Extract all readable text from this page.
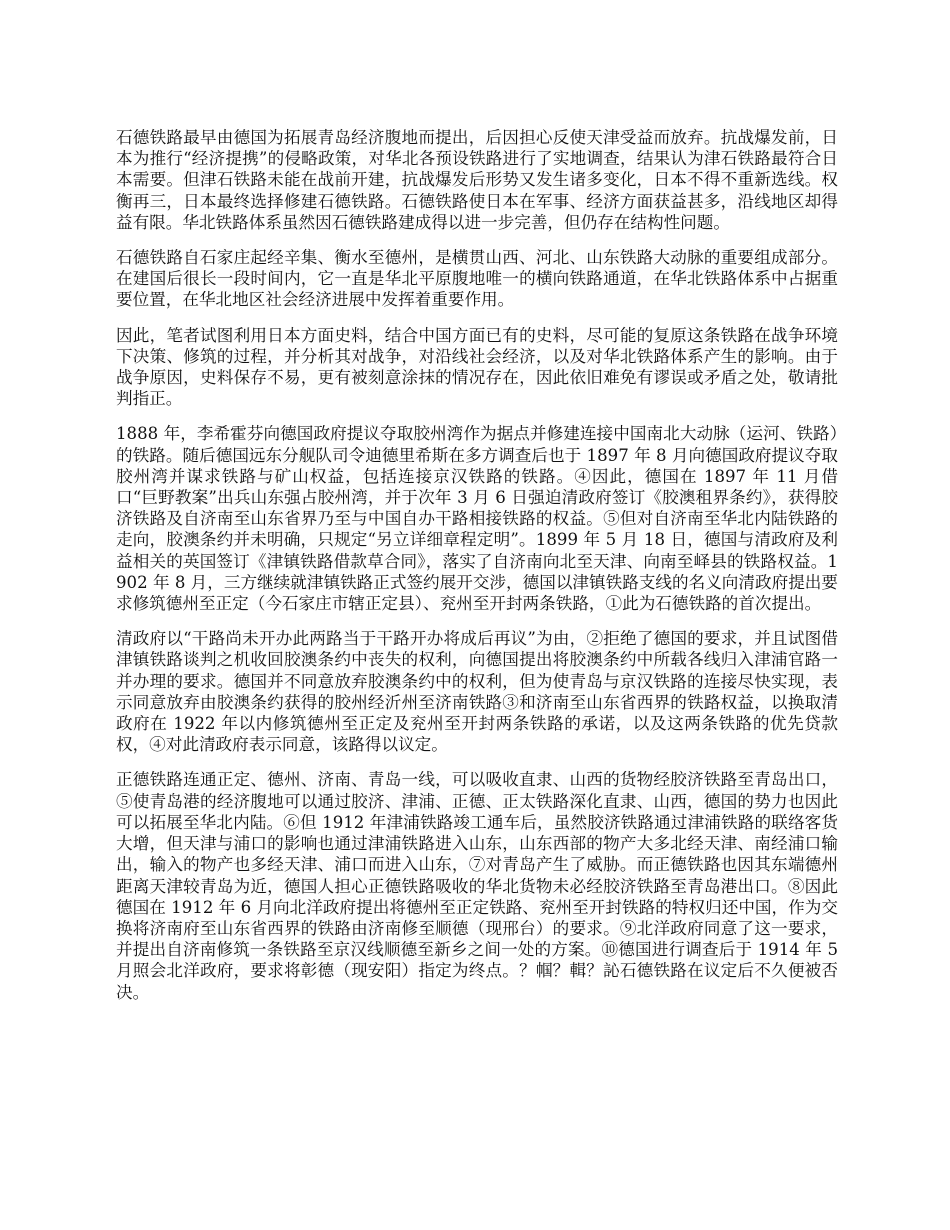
石德铁路最早由德国为拓展青岛经济腹地而提出，后因担心反使天津受益而放弃。抗战爆发前，日本为推行“经济提携”的侵略政策，对华北各预设铁路进行了实地调查，结果认为津石铁路最符合日本需要。但津石铁路未能在战前开建，抗战爆发后形势又发生诸多变化，日本不得不重新选线。权衡再三，日本最终选择修建石德铁路。石德铁路使日本在军事、经济方面获益甚多，沿线地区却得益有限。华北铁路体系虽然因石德铁路建成得以进一步完善，但仍存在结构性问题。

石德铁路自石家庄起经辛集、衡水至德州，是横贯山西、河北、山东铁路大动脉的重要组成部分。在建国后很长一段时间内，它一直是华北平原腹地唯一的横向铁路通道，在华北铁路体系中占据重要位置，在华北地区社会经济进展中发挥着重要作用。

因此，笔者试图利用日本方面史料，结合中国方面已有的史料，尽可能的复原这条铁路在战争环境下决策、修筑的过程，并分析其对战争，对沿线社会经济，以及对华北铁路体系产生的影响。由于战争原因，史料保存不易，更有被刻意涂抹的情况存在，因此依旧难免有谬误或矛盾之处，敬请批判指正。

1888 年，李希霍芬向德国政府提议夺取胶州湾作为据点并修建连接中国南北大动脉（运河、铁路）的铁路。随后德国远东分舰队司令迪德里希斯在多方调查后也于 1897 年 8 月向德国政府提议夺取胶州湾并谋求铁路与矿山权益，包括连接京汉铁路的铁路。④因此，德国在 1897 年 11 月借口“巨野教案”出兵山东强占胶州湾，并于次年 3 月 6 日强迫清政府签订《胶澳租界条约》，获得胶济铁路及自济南至山东省界乃至与中国自办干路相接铁路的权益。⑤但对自济南至华北内陆铁路的走向，胶澳条约并未明确，只规定“另立详细章程定明”。1899 年 5 月 18 日，德国与清政府及利益相关的英国签订《津镇铁路借款草合同》，落实了自济南向北至天津、向南至峄县的铁路权益。1902 年 8 月，三方继续就津镇铁路正式签约展开交涉，德国以津镇铁路支线的名义向清政府提出要求修筑德州至正定（今石家庄市辖正定县）、兖州至开封两条铁路，①此为石德铁路的首次提出。

清政府以“干路尚未开办此两路当于干路开办将成后再议”为由，②拒绝了德国的要求，并且试图借津镇铁路谈判之机收回胶澳条约中丧失的权利，向德国提出将胶澳条约中所载各线归入津浦官路一并办理的要求。德国并不同意放弃胶澳条约中的权利，但为使青岛与京汉铁路的连接尽快实现，表示同意放弃由胶澳条约获得的胶州经沂州至济南铁路③和济南至山东省西界的铁路权益，以换取清政府在 1922 年以内修筑德州至正定及兖州至开封两条铁路的承诺，以及这两条铁路的优先贷款权，④对此清政府表示同意，该路得以议定。

正德铁路连通正定、德州、济南、青岛一线，可以吸收直隶、山西的货物经胶济铁路至青岛出口，⑤使青岛港的经济腹地可以通过胶济、津浦、正德、正太铁路深化直隶、山西，德国的势力也因此可以拓展至华北内陆。⑥但 1912 年津浦铁路竣工通车后，虽然胶济铁路通过津浦铁路的联络客货大增，但天津与浦口的影响也通过津浦铁路进入山东，山东西部的物产大多北经天津、南经浦口输出，输入的物产也多经天津、浦口而进入山东，⑦对青岛产生了威胁。而正德铁路也因其东端德州距离天津较青岛为近，德国人担心正德铁路吸收的华北货物未必经胶济铁路至青岛港出口。⑧因此德国在 1912 年 6 月向北洋政府提出将德州至正定铁路、兖州至开封铁路的特权归还中国，作为交换将济南府至山东省西界的铁路由济南修至顺德（现邢台）的要求。⑨北洋政府同意了这一要求，并提出自济南修筑一条铁路至京汉线顺德至新乡之间一处的方案。⑩德国进行调查后于 1914 年 5 月照会北洋政府，要求将彰德（现安阳）指定为终点。？帼？輯？訫石德铁路在议定后不久便被否决。
